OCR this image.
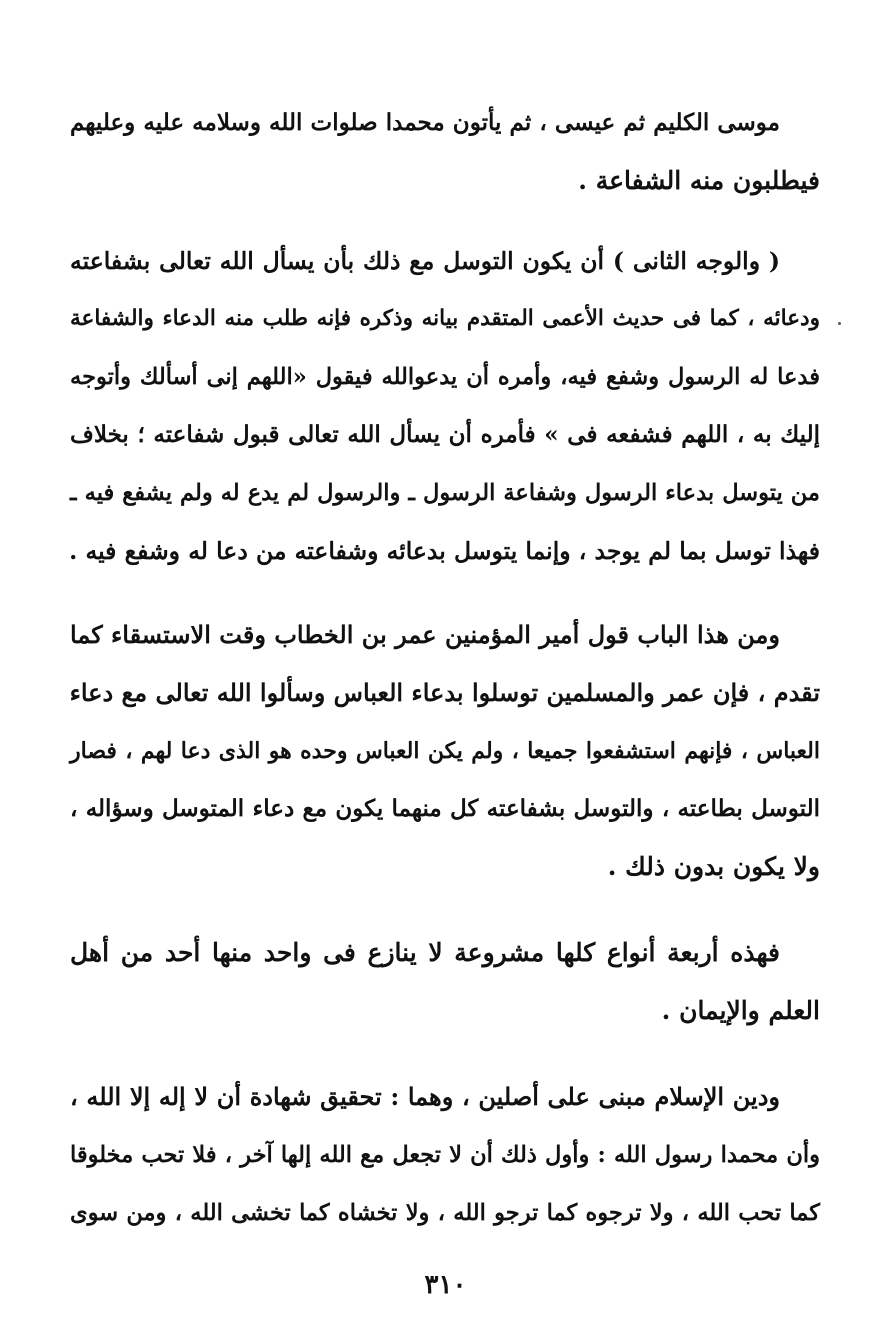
موسى الكليم ثم عيسى ، ثم يأتون محمدا صلوات الله وسلامه عليه وعليهم
فيطلبون منه الشفاعة .
( والوجه الثانى ) أن يكون التوسل مع ذلك بأن يسأل الله تعالى بشفاعته
ودعائه ، كما فى حديث الأعمى المتقدم بيانه وذكره فإنه طلب منه الدعاء والشفاعة
فدعا له الرسول وشفع فيه، وأمره أن يدعوالله فيقول «اللهم إنى أسألك وأتوجه
إليك به ، اللهم فشفعه فى » فأمره أن يسأل الله تعالى قبول شفاعته ؛ بخلاف
من يتوسل بدعاء الرسول وشفاعة الرسول ـ والرسول لم يدع له ولم يشفع فيه ـ
فهذا توسل بما لم يوجد ، وإنما يتوسل بدعائه وشفاعته من دعا له وشفع فيه .
ومن هذا الباب قول أمير المؤمنين عمر بن الخطاب وقت الاستسقاء كما
تقدم ، فإن عمر والمسلمين توسلوا بدعاء العباس وسألوا الله تعالى مع دعاء
العباس ، فإنهم استشفعوا جميعا ، ولم يكن العباس وحده هو الذى دعا لهم ، فصار
التوسل بطاعته ، والتوسل بشفاعته كل منهما يكون مع دعاء المتوسل وسؤاله ،
ولا يكون بدون ذلك .
فهذه أربعة أنواع كلها مشروعة لا ينازع فى واحد منها أحد من أهل
العلم والإيمان .
ودين الإسلام مبنى على أصلين ، وهما : تحقيق شهادة أن لا إله إلا الله ،
وأن محمدا رسول الله : وأول ذلك أن لا تجعل مع الله إلها آخر ، فلا تحب مخلوقا
كما تحب الله ، ولا ترجوه كما ترجو الله ، ولا تخشاه كما تخشى الله ، ومن سوى
٣١٠
